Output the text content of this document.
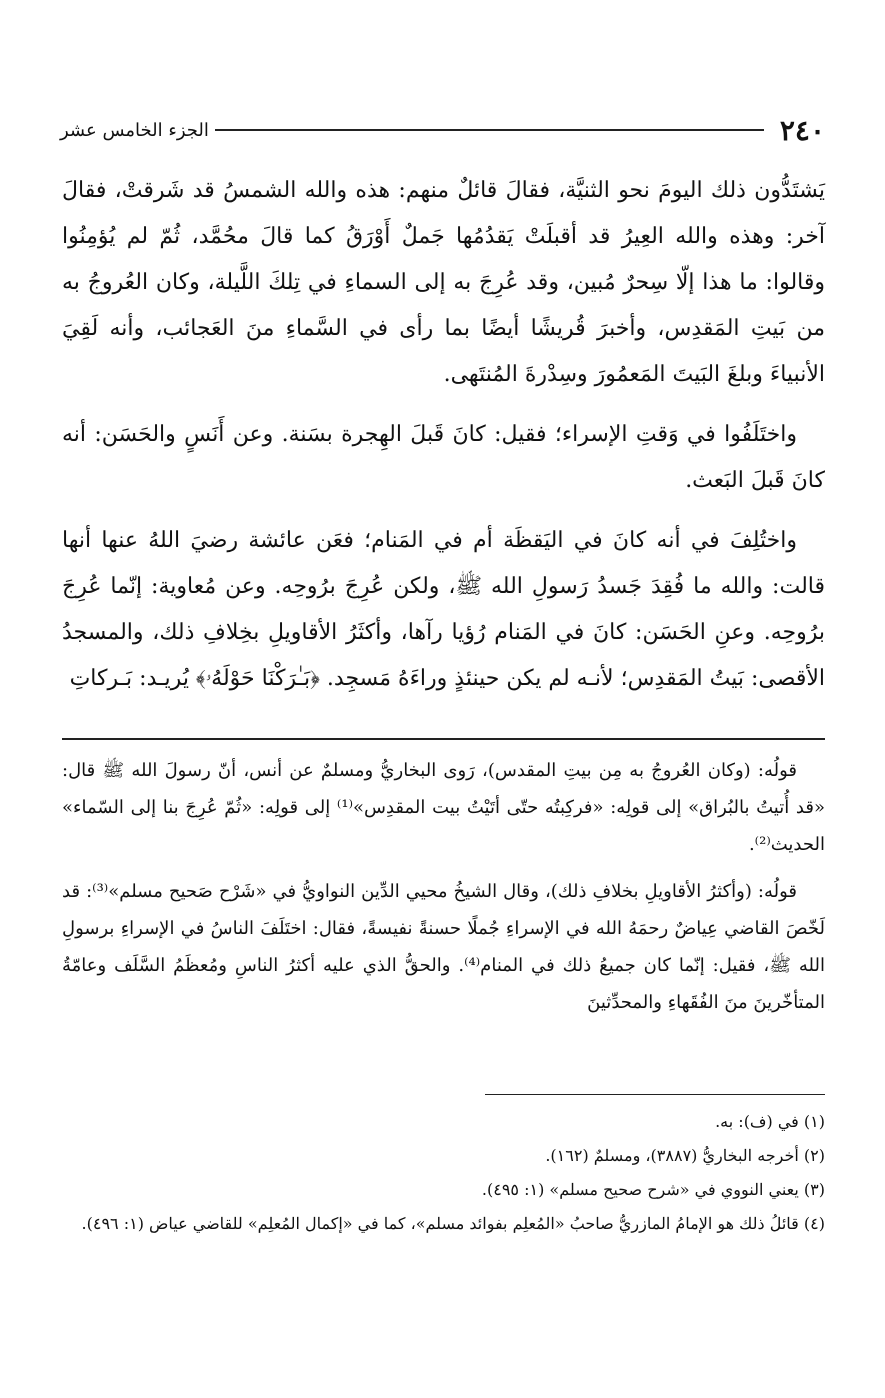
٢٤٠
الجزء الخامس عشر

يَشتَدُّون ذلك اليومَ نحو الثنيَّة، فقالَ قائلٌ منهم: هذه والله الشمسُ قد شَرقتْ، فقالَ آخر: وهذه والله العِيرُ قد أقبلَتْ يَقدُمُها جَملٌ أَوْرَقُ كما قالَ محُمَّد، ثُمّ لم يُؤمِنُوا وقالوا: ما هذا إلّا سِحرٌ مُبين، وقد عُرِجَ به إلى السماءِ في تِلكَ اللَّيلة، وكان العُروجُ به من بَيتِ المَقدِس، وأخبرَ قُريشًا أيضًا بما رأى في السَّماءِ منَ العَجائب، وأنه لَقِيَ الأنبياءَ وبلغَ البَيتَ المَعمُورَ وسِدْرةَ المُنتَهى.

واختَلَفُوا في وَقتِ الإسراء؛ فقيل: كانَ قَبلَ الهِجرة بسَنة. وعن أَنَسٍ والحَسَن: أنه كانَ قَبلَ البَعث.

واختُلِفَ في أنه كانَ في اليَقظَة أم في المَنام؛ فعَن عائشة رضيَ اللهُ عنها أنها قالت: والله ما فُقِدَ جَسدُ رَسولِ الله ﷺ، ولكن عُرِجَ برُوحِه. وعن مُعاوية: إنّما عُرِجَ برُوحِه. وعنِ الحَسَن: كانَ في المَنام رُؤيا رآها، وأكثَرُ الأقاويلِ بخِلافِ ذلك، والمسجدُ الأقصى: بَيتُ المَقدِس؛ لأنـه لم يكن حينئذٍ وراءَهُ مَسجِد. ﴿بَـٰرَكْنَا حَوْلَهُۥ﴾ يُريـد: بَـركاتِ

قولُه: (وكان العُروجُ به مِن بيتِ المقدس)، رَوى البخاريُّ ومسلمٌ عن أنس، أنّ رسولَ الله ﷺ قال: «قد أُتيتُ بالبُراق» إلى قولِه: «فركِبتُه حتّى أتَيْتُ بيت المقدِس»⁽¹⁾ إلى قولِه: «ثُمّ عُرِجَ بنا إلى السّماء» الحديث⁽²⁾.

قولُه: (وأكثرُ الأقاويلِ بخلافِ ذلك)، وقال الشيخُ محيي الدِّين النواويُّ في «شَرْح صَحيح مسلم»⁽³⁾: قد لَخّصَ القاضي عِياضٌ رحمَهُ الله في الإسراءِ جُملًا حسنةً نفيسةً، فقال: اختَلَفَ الناسُ في الإسراءِ برسولِ الله ﷺ، فقيل: إنّما كان جميعُ ذلك في المنام⁽⁴⁾. والحقُّ الذي عليه أكثرُ الناسِ ومُعظَمُ السَّلَف وعامّةُ المتأخّرينَ منَ الفُقَهاءِ والمحدِّثينَ

(١) في (ف): به.
(٢) أخرجه البخاريُّ (٣٨٨٧)، ومسلمٌ (١٦٢).
(٣) يعني النووي في «شرح صحيح مسلم» (١: ٤٩٥).
(٤) قائلُ ذلك هو الإمامُ المازريُّ صاحبُ «المُعلِم بفوائد مسلم»، كما في «إكمال المُعلِم» للقاضي عياض (١: ٤٩٦).
